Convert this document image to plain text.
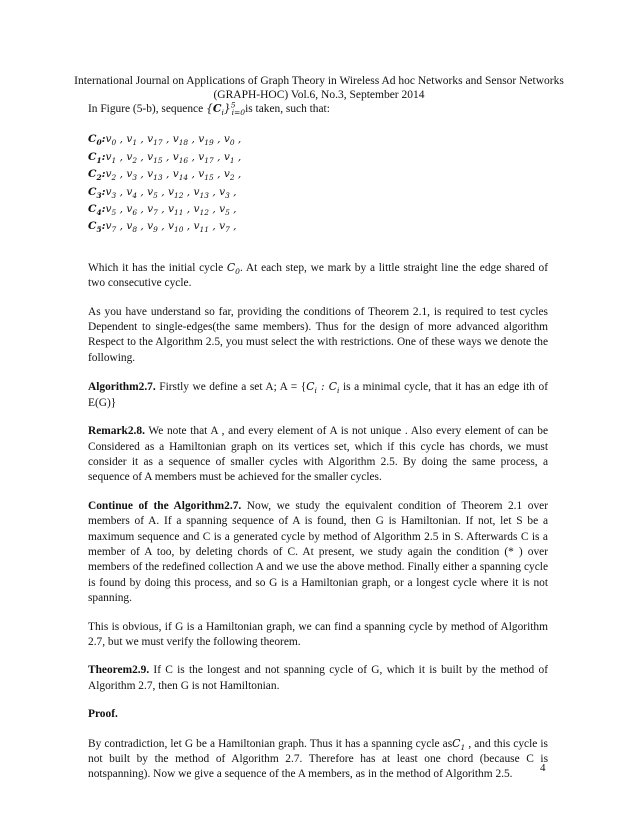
International Journal on Applications of Graph Theory in Wireless Ad hoc Networks and Sensor Networks
(GRAPH-HOC) Vol.6, No.3, September 2014
In Figure (5-b), sequence $\{C_i\}^5_{i=0}is$ taken, such that:
$C_0:v_0$ , $v_1$ , $v_{17}$ , $v_{18}$ , $v_{19}$ , $v_0$ ,
$C_1:v_1$ , $v_2$ , $v_{15}$ , $v_{16}$ , $v_{17}$ , $v_1$ ,
$C_2:v_2$ , $v_3$ , $v_{13}$ , $v_{14}$ , $v_{15}$ , $v_2$ ,
$C_3:v_3$ , $v_4$ , $v_5$ , $v_{12}$ , $v_{13}$ , $v_3$ ,
$C_4:v_5$ , $v_6$ , $v_7$ , $v_{11}$ , $v_{12}$ , $v_5$ ,
$C_5:v_7$ , $v_8$ , $v_9$ , $v_{10}$ , $v_{11}$ , $v_7$ ,

Which it has the initial cycle $C_0$. At each step, we mark by a little straight line the edge shared of two consecutive cycle.

As you have understand so far, providing the conditions of Theorem 2.1, is required to test cycles Dependent to single-edges(the same members). Thus for the design of more advanced algorithm Respect to the Algorithm 2.5, you must select the with restrictions. One of these ways we denote the following.

Algorithm2.7. Firstly we define a set A; $A = \{C_i$ : $C_i$ is a minimal cycle, that it has an edge ith of E(G)}

Remark2.8. We note that A , and every element of A is not unique . Also every element of can be Considered as a Hamiltonian graph on its vertices set, which if this cycle has chords, we must consider it as a sequence of smaller cycles with Algorithm 2.5. By doing the same process, a sequence of A members must be achieved for the smaller cycles.

Continue of the Algorithm2.7. Now, we study the equivalent condition of Theorem 2.1 over members of A. If a spanning sequence of A is found, then G is Hamiltonian. If not, let S be a maximum sequence and C is a generated cycle by method of Algorithm 2.5 in S. Afterwards C is a member of A too, by deleting chords of C. At present, we study again the condition (* ) over members of the redefined collection A and we use the above method. Finally either a spanning cycle is found by doing this process, and so G is a Hamiltonian graph, or a longest cycle where it is not spanning.

This is obvious, if G is a Hamiltonian graph, we can find a spanning cycle by method of Algorithm 2.7, but we must verify the following theorem.

Theorem2.9. If C is the longest and not spanning cycle of G, which it is built by the method of Algorithm 2.7, then G is not Hamiltonian.

Proof.

By contradiction, let G be a Hamiltonian graph. Thus it has a spanning cycle asC$_1$ , and this cycle is not built by the method of Algorithm 2.7. Therefore has at least one chord (because C is notspanning). Now we give a sequence of the A members, as in the method of Algorithm 2.5.

4
